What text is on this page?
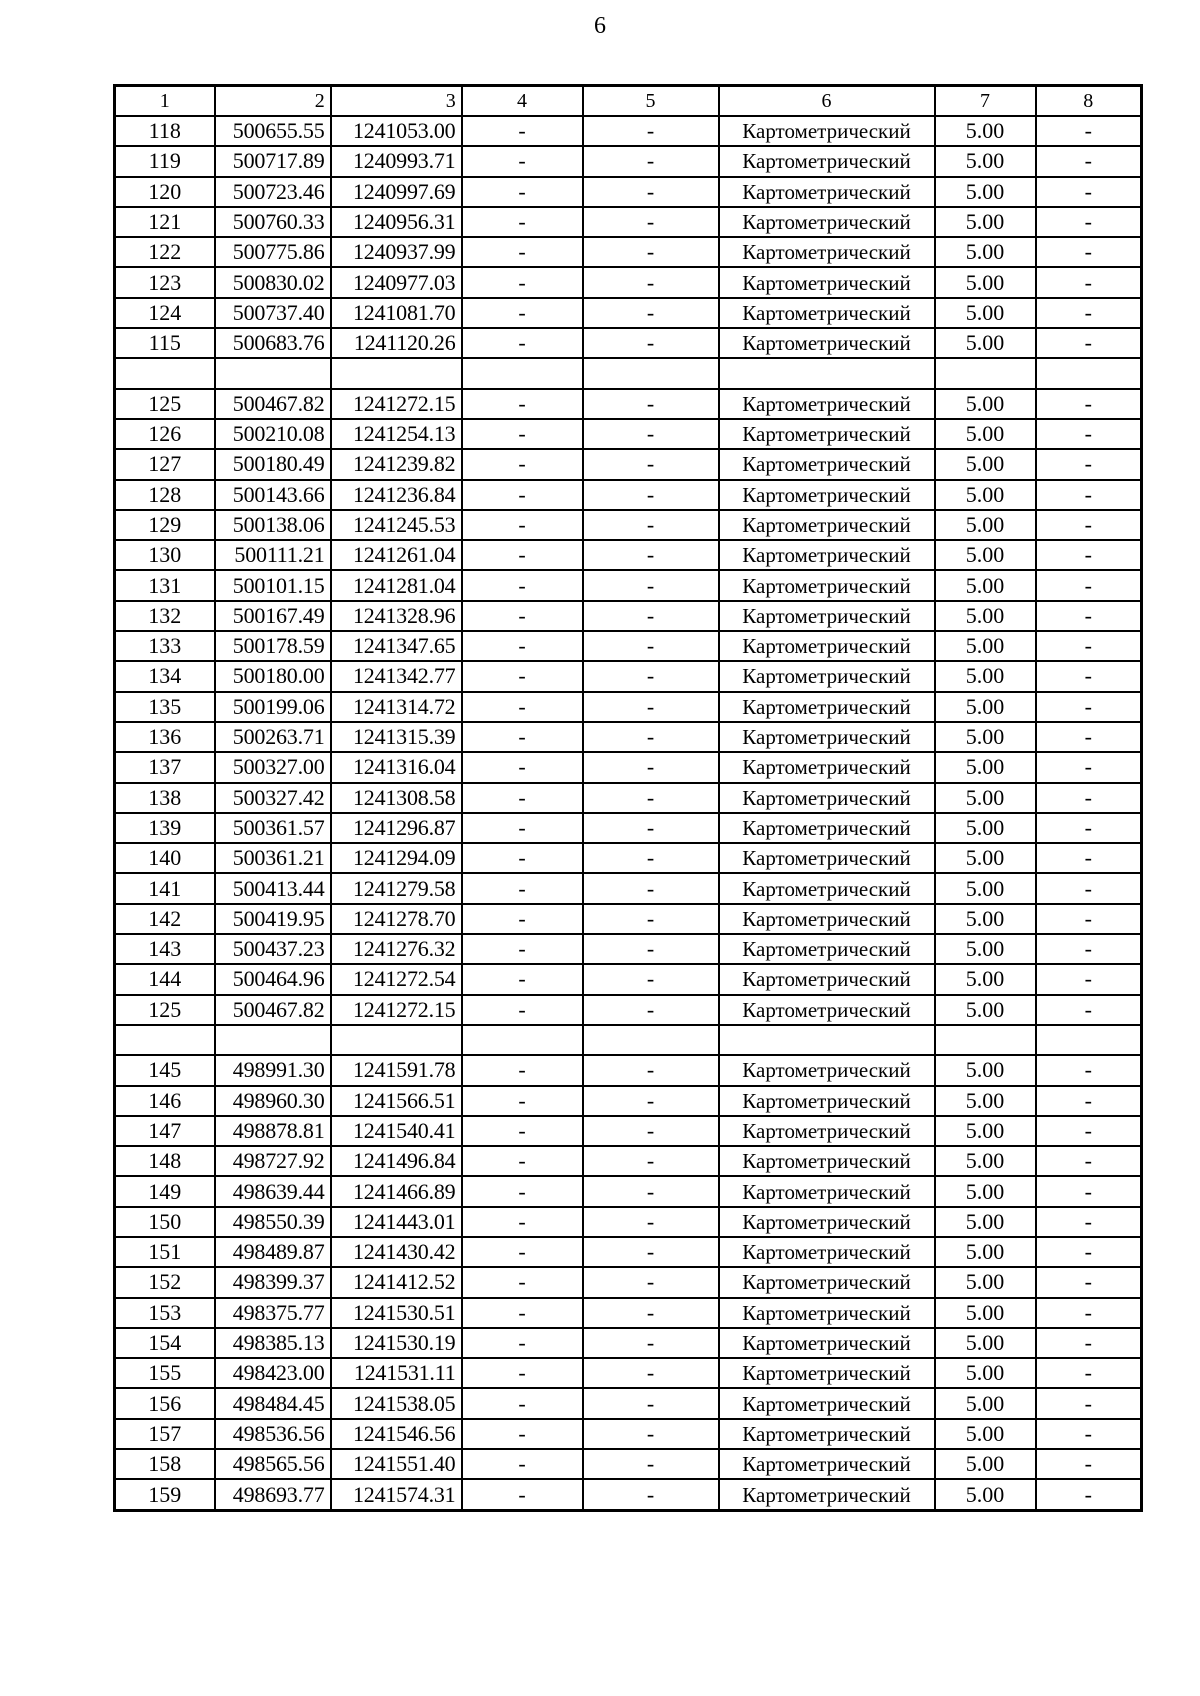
6
1	2	3	4	5	6	7	8
118	500655.55	1241053.00	-	-	Картометрический	5.00	-
119	500717.89	1240993.71	-	-	Картометрический	5.00	-
120	500723.46	1240997.69	-	-	Картометрический	5.00	-
121	500760.33	1240956.31	-	-	Картометрический	5.00	-
122	500775.86	1240937.99	-	-	Картометрический	5.00	-
123	500830.02	1240977.03	-	-	Картометрический	5.00	-
124	500737.40	1241081.70	-	-	Картометрический	5.00	-
115	500683.76	1241120.26	-	-	Картометрический	5.00	-

125	500467.82	1241272.15	-	-	Картометрический	5.00	-
126	500210.08	1241254.13	-	-	Картометрический	5.00	-
127	500180.49	1241239.82	-	-	Картометрический	5.00	-
128	500143.66	1241236.84	-	-	Картометрический	5.00	-
129	500138.06	1241245.53	-	-	Картометрический	5.00	-
130	500111.21	1241261.04	-	-	Картометрический	5.00	-
131	500101.15	1241281.04	-	-	Картометрический	5.00	-
132	500167.49	1241328.96	-	-	Картометрический	5.00	-
133	500178.59	1241347.65	-	-	Картометрический	5.00	-
134	500180.00	1241342.77	-	-	Картометрический	5.00	-
135	500199.06	1241314.72	-	-	Картометрический	5.00	-
136	500263.71	1241315.39	-	-	Картометрический	5.00	-
137	500327.00	1241316.04	-	-	Картометрический	5.00	-
138	500327.42	1241308.58	-	-	Картометрический	5.00	-
139	500361.57	1241296.87	-	-	Картометрический	5.00	-
140	500361.21	1241294.09	-	-	Картометрический	5.00	-
141	500413.44	1241279.58	-	-	Картометрический	5.00	-
142	500419.95	1241278.70	-	-	Картометрический	5.00	-
143	500437.23	1241276.32	-	-	Картометрический	5.00	-
144	500464.96	1241272.54	-	-	Картометрический	5.00	-
125	500467.82	1241272.15	-	-	Картометрический	5.00	-

145	498991.30	1241591.78	-	-	Картометрический	5.00	-
146	498960.30	1241566.51	-	-	Картометрический	5.00	-
147	498878.81	1241540.41	-	-	Картометрический	5.00	-
148	498727.92	1241496.84	-	-	Картометрический	5.00	-
149	498639.44	1241466.89	-	-	Картометрический	5.00	-
150	498550.39	1241443.01	-	-	Картометрический	5.00	-
151	498489.87	1241430.42	-	-	Картометрический	5.00	-
152	498399.37	1241412.52	-	-	Картометрический	5.00	-
153	498375.77	1241530.51	-	-	Картометрический	5.00	-
154	498385.13	1241530.19	-	-	Картометрический	5.00	-
155	498423.00	1241531.11	-	-	Картометрический	5.00	-
156	498484.45	1241538.05	-	-	Картометрический	5.00	-
157	498536.56	1241546.56	-	-	Картометрический	5.00	-
158	498565.56	1241551.40	-	-	Картометрический	5.00	-
159	498693.77	1241574.31	-	-	Картометрический	5.00	-
